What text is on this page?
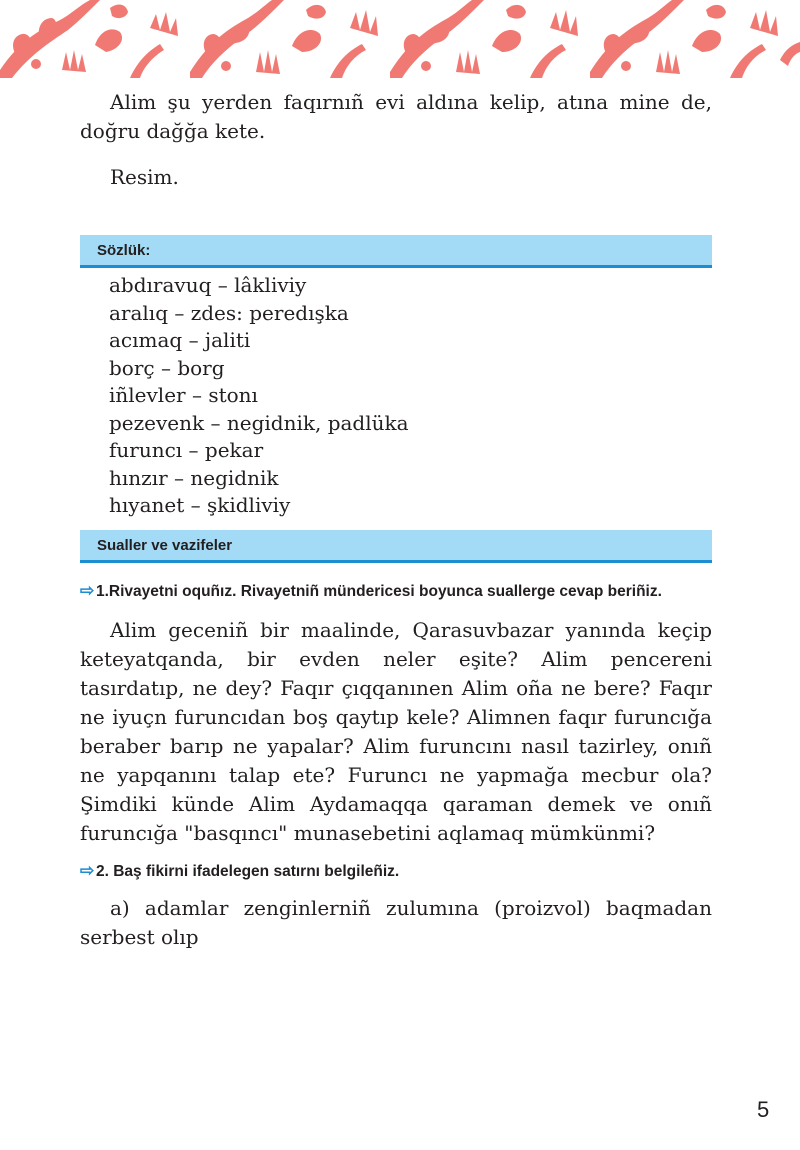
Alim şu yerden faqırnıñ evi aldına kelip, atına mine de, doğru dağğa kete.

Resim.

Sözlük:
abdıravuq – lâkliviy
aralıq – zdes: peredışka
acımaq – jaliti
borç – borg
iñlevler – stonı
pezevenk – negidnik, padlüka
furuncı – pekar
hınzır – negidnik
hıyanet – şkidliviy
Sualler ve vazifeler

⇨ 1.Rivayetni oquñız. Rivayetniñ mündericesi boyunca suallerge cevap beriñiz.

Alim geceniñ bir maalinde, Qarasuvbazar yanında keçip keteyatqanda, bir evden neler eşite? Alim pencereni tasırdatıp, ne dey? Faqır çıqqanınen Alim oña ne bere? Faqır ne iyuçn furuncıdan boş qaytıp kele? Alimnen faqır furuncığa beraber barıp ne yapalar? Alim furuncını nasıl tazirley, onıñ ne yapqanını talap ete? Furuncı ne yapmağa mecbur ola? Şimdiki künde Alim Aydamaqqa qaraman demek ve onıñ furuncığa "basqıncı" munasebetini aqlamaq mümkünmi?

⇨ 2. Baş fikirni ifadelegen satırnı belgileñiz.

a) adamlar zenginlerniñ zulumına (proizvol) baqmadan serbest olıp

5
